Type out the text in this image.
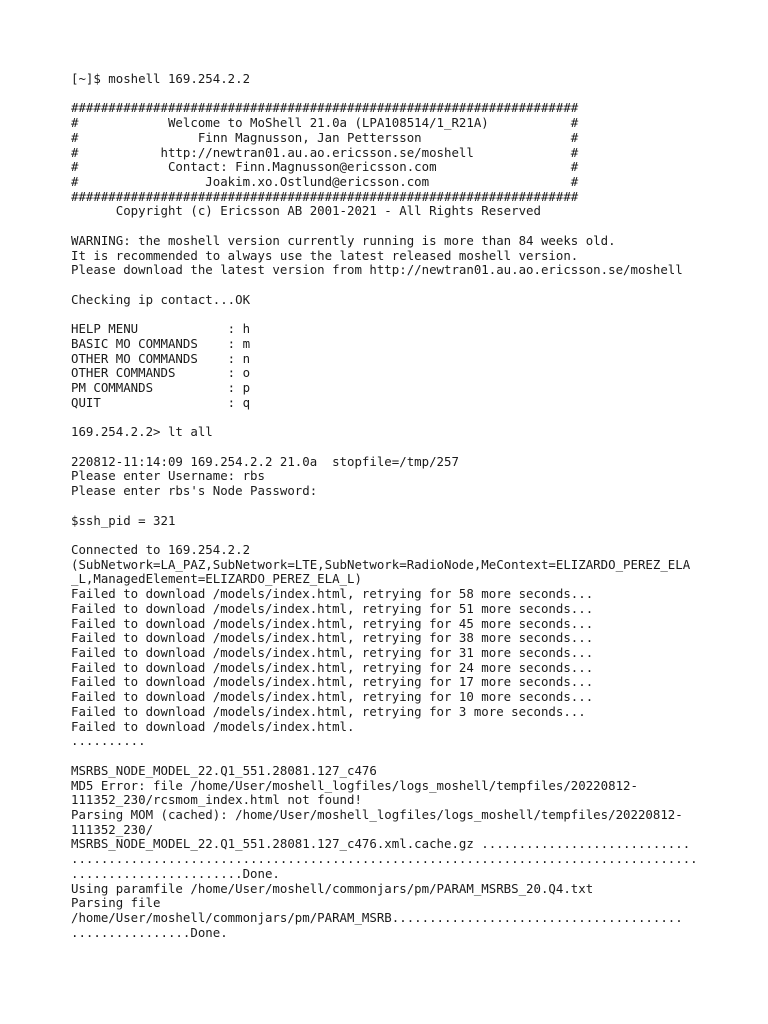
[~]$ moshell 169.254.2.2
####################################################################
#            Welcome to MoShell 21.0a (LPA108514/1_R21A)           #
#                Finn Magnusson, Jan Pettersson                    #
#           http://newtran01.au.ao.ericsson.se/moshell             #
#            Contact: Finn.Magnusson@ericsson.com                  #
#                 Joakim.xo.Ostlund@ericsson.com                   #
####################################################################
Copyright (c) Ericsson AB 2001-2021 - All Rights Reserved
WARNING: the moshell version currently running is more than 84 weeks old.
It is recommended to always use the latest released moshell version.
Please download the latest version from http://newtran01.au.ao.ericsson.se/moshell
Checking ip contact...OK
HELP MENU            : h
BASIC MO COMMANDS    : m
OTHER MO COMMANDS    : n
OTHER COMMANDS       : o
PM COMMANDS          : p
QUIT                 : q
169.254.2.2> lt all
220812-11:14:09 169.254.2.2 21.0a  stopfile=/tmp/257
Please enter Username: rbs
Please enter rbs's Node Password:
$ssh_pid = 321
Connected to 169.254.2.2
(SubNetwork=LA_PAZ,SubNetwork=LTE,SubNetwork=RadioNode,MeContext=ELIZARDO_PEREZ_ELA
_L,ManagedElement=ELIZARDO_PEREZ_ELA_L)
Failed to download /models/index.html, retrying for 58 more seconds...
Failed to download /models/index.html, retrying for 51 more seconds...
Failed to download /models/index.html, retrying for 45 more seconds...
Failed to download /models/index.html, retrying for 38 more seconds...
Failed to download /models/index.html, retrying for 31 more seconds...
Failed to download /models/index.html, retrying for 24 more seconds...
Failed to download /models/index.html, retrying for 17 more seconds...
Failed to download /models/index.html, retrying for 10 more seconds...
Failed to download /models/index.html, retrying for 3 more seconds...
Failed to download /models/index.html.
..........
MSRBS_NODE_MODEL_22.Q1_551.28081.127_c476
MD5 Error: file /home/User/moshell_logfiles/logs_moshell/tempfiles/20220812-
111352_230/rcsmom_index.html not found!
Parsing MOM (cached): /home/User/moshell_logfiles/logs_moshell/tempfiles/20220812-
111352_230/
MSRBS_NODE_MODEL_22.Q1_551.28081.127_c476.xml.cache.gz ............................
....................................................................................
.......................Done.
Using paramfile /home/User/moshell/commonjars/pm/PARAM_MSRBS_20.Q4.txt
Parsing file
/home/User/moshell/commonjars/pm/PARAM_MSRB.......................................
................Done.
